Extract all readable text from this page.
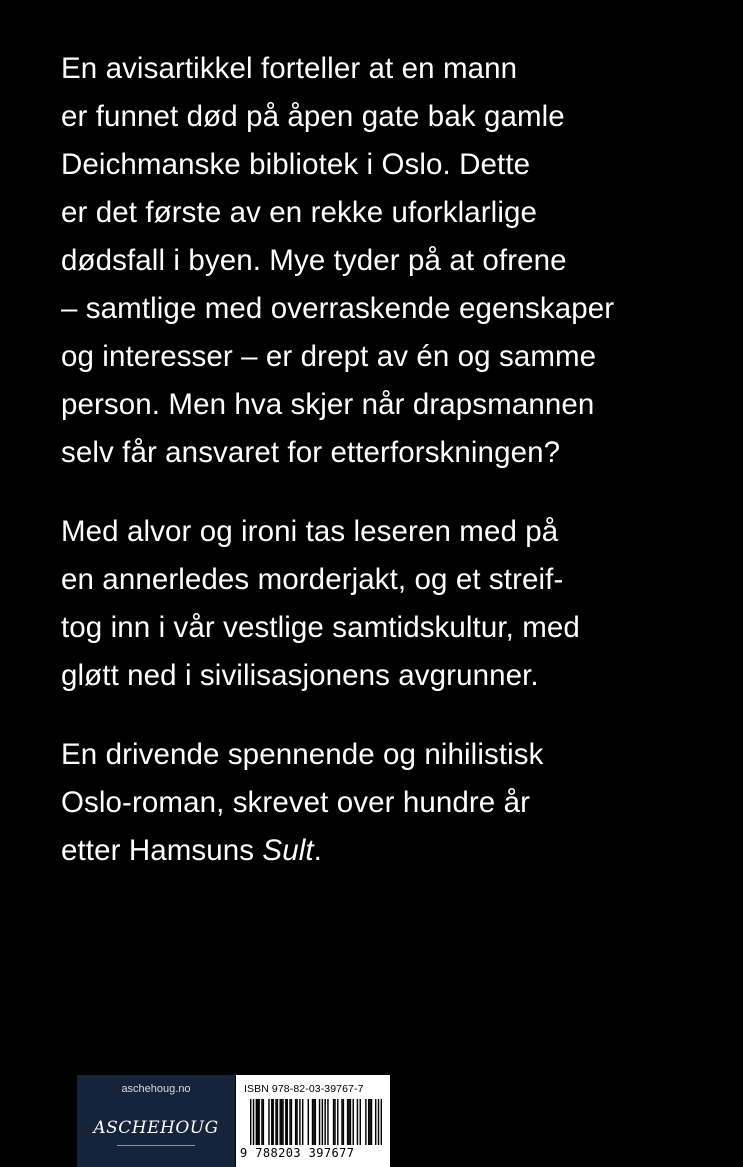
En avisartikkel forteller at en mann
er funnet død på åpen gate bak gamle
Deichmanske bibliotek i Oslo. Dette
er det første av en rekke uforklarlige
dødsfall i byen. Mye tyder på at ofrene
– samtlige med overraskende egenskaper
og interesser – er drept av én og samme
person. Men hva skjer når drapsmannen
selv får ansvaret for etterforskningen?

Med alvor og ironi tas leseren med på
en annerledes morderjakt, og et streif-
tog inn i vår vestlige samtidskultur, med
gløtt ned i sivilisasjonens avgrunner.

En drivende spennende og nihilistisk
Oslo-roman, skrevet over hundre år
etter Hamsuns Sult.

aschehoug.no
ASCHEHOUG
ISBN 978-82-03-39767-7
9 788203 397677
